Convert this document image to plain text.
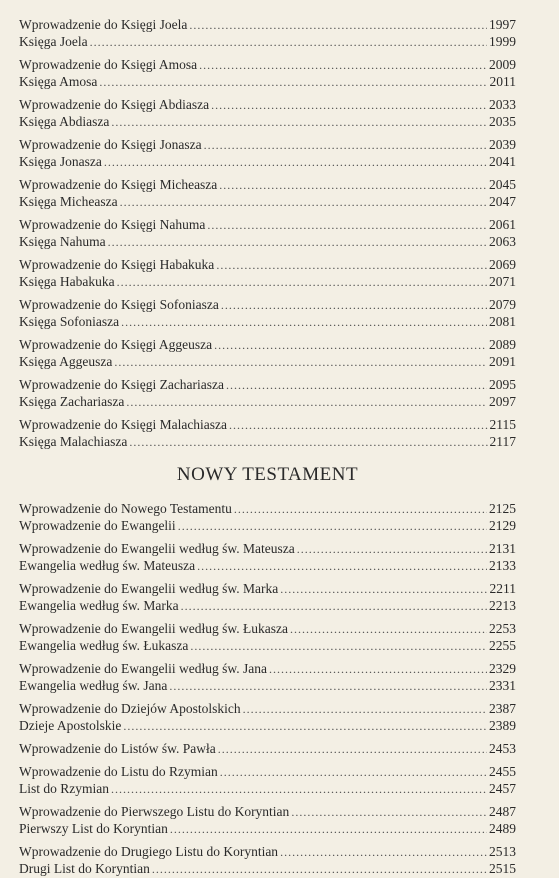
Wprowadzenie do Księgi Joela .....	1997
Księga Joela .....	1999
Wprowadzenie do Księgi Amosa .....	2009
Księga Amosa .....	2011
Wprowadzenie do Księgi Abdiasza .....	2033
Księga Abdiasza .....	2035
Wprowadzenie do Księgi Jonasza .....	2039
Księga Jonasza .....	2041
Wprowadzenie do Księgi Micheasza .....	2045
Księga Micheasza .....	2047
Wprowadzenie do Księgi Nahuma .....	2061
Księga Nahuma .....	2063
Wprowadzenie do Księgi Habakuka .....	2069
Księga Habakuka .....	2071
Wprowadzenie do Księgi Sofoniasza .....	2079
Księga Sofoniasza .....	2081
Wprowadzenie do Księgi Aggeusza .....	2089
Księga Aggeusza .....	2091
Wprowadzenie do Księgi Zachariasza .....	2095
Księga Zachariasza .....	2097
Wprowadzenie do Księgi Malachiasza .....	2115
Księga Malachiasza .....	2117
NOWY TESTAMENT
Wprowadzenie do Nowego Testamentu .....	2125
Wprowadzenie do Ewangelii .....	2129
Wprowadzenie do Ewangelii według św. Mateusza .....	2131
Ewangelia według św. Mateusza .....	2133
Wprowadzenie do Ewangelii według św. Marka .....	2211
Ewangelia według św. Marka .....	2213
Wprowadzenie do Ewangelii według św. Łukasza .....	2253
Ewangelia według św. Łukasza .....	2255
Wprowadzenie do Ewangelii według św. Jana .....	2329
Ewangelia według św. Jana .....	2331
Wprowadzenie do Dziejów Apostolskich .....	2387
Dzieje Apostolskie .....	2389
Wprowadzenie do Listów św. Pawła .....	2453
Wprowadzenie do Listu do Rzymian .....	2455
List do Rzymian .....	2457
Wprowadzenie do Pierwszego Listu do Koryntian .....	2487
Pierwszy List do Koryntian .....	2489
Wprowadzenie do Drugiego Listu do Koryntian .....	2513
Drugi List do Koryntian .....	2515
